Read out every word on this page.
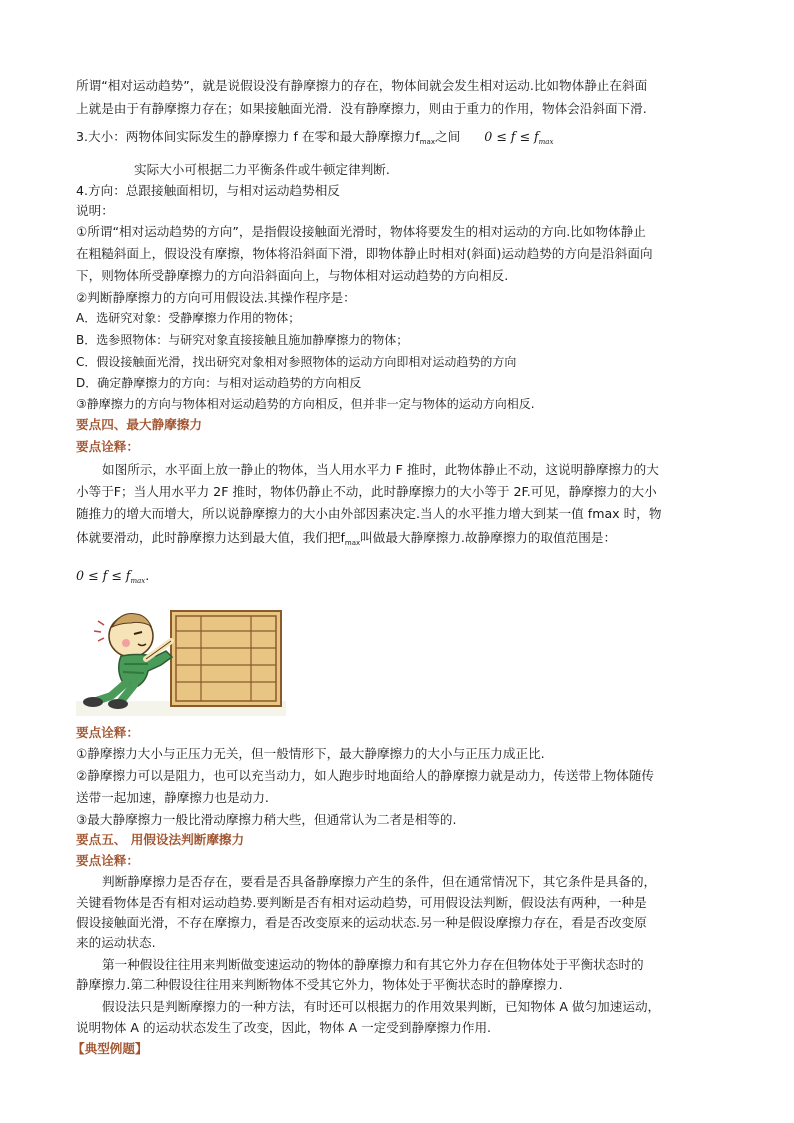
所谓“相对运动趋势”，就是说假设没有静摩擦力的存在，物体间就会发生相对运动.比如物体静止在斜面
上就是由于有静摩擦力存在；如果接触面光滑．没有静摩擦力，则由于重力的作用，物体会沿斜面下滑.
3.大小：两物体间实际发生的静摩擦力 f 在零和最大静摩擦力$f_{max}$之间 $0 \le f \le f_{max}$
实际大小可根据二力平衡条件或牛顿定律判断.
4.方向：总跟接触面相切，与相对运动趋势相反
说明：
①所谓“相对运动趋势的方向”，是指假设接触面光滑时，物体将要发生的相对运动的方向.比如物体静止
在粗糙斜面上，假设没有摩擦，物体将沿斜面下滑，即物体静止时相对(斜面)运动趋势的方向是沿斜面向
下，则物体所受静摩擦力的方向沿斜面向上，与物体相对运动趋势的方向相反.
②判断静摩擦力的方向可用假设法.其操作程序是：
A．选研究对象：受静摩擦力作用的物体；
B．选参照物体：与研究对象直接接触且施加静摩擦力的物体；
C．假设接触面光滑，找出研究对象相对参照物体的运动方向即相对运动趋势的方向
D．确定静摩擦力的方向：与相对运动趋势的方向相反
③静摩擦力的方向与物体相对运动趋势的方向相反，但并非一定与物体的运动方向相反.
要点四、最大静摩擦力
要点诠释：
如图所示，水平面上放一静止的物体，当人用水平力 F 推时，此物体静止不动，这说明静摩擦力的大
小等于F；当人用水平力 2F 推时，物体仍静止不动，此时静摩擦力的大小等于 2F.可见，静摩擦力的大小
随推力的增大而增大，所以说静摩擦力的大小由外部因素决定.当人的水平推力增大到某一值 fmax 时，物
体就要滑动，此时静摩擦力达到最大值，我们把$f_{max}$叫做最大静摩擦力.故静摩擦力的取值范围是：
$0 \le f \le f_{max}$.
要点诠释：
①静摩擦力大小与正压力无关，但一般情形下，最大静摩擦力的大小与正压力成正比.
②静摩擦力可以是阻力，也可以充当动力，如人跑步时地面给人的静摩擦力就是动力，传送带上物体随传
送带一起加速，静摩擦力也是动力.
③最大静摩擦力一般比滑动摩擦力稍大些，但通常认为二者是相等的.
要点五、 用假设法判断摩擦力
要点诠释：
判断静摩擦力是否存在，要看是否具备静摩擦力产生的条件，但在通常情况下，其它条件是具备的，
关键看物体是否有相对运动趋势.要判断是否有相对运动趋势，可用假设法判断，假设法有两种，一种是
假设接触面光滑，不存在摩擦力，看是否改变原来的运动状态.另一种是假设摩擦力存在，看是否改变原
来的运动状态.
第一种假设往往用来判断做变速运动的物体的静摩擦力和有其它外力存在但物体处于平衡状态时的
静摩擦力.第二种假设往往用来判断物体不受其它外力，物体处于平衡状态时的静摩擦力.
假设法只是判断摩擦力的一种方法，有时还可以根据力的作用效果判断，已知物体 A 做匀加速运动，
说明物体 A 的运动状态发生了改变，因此，物体 A 一定受到静摩擦力作用.
【典型例题】
